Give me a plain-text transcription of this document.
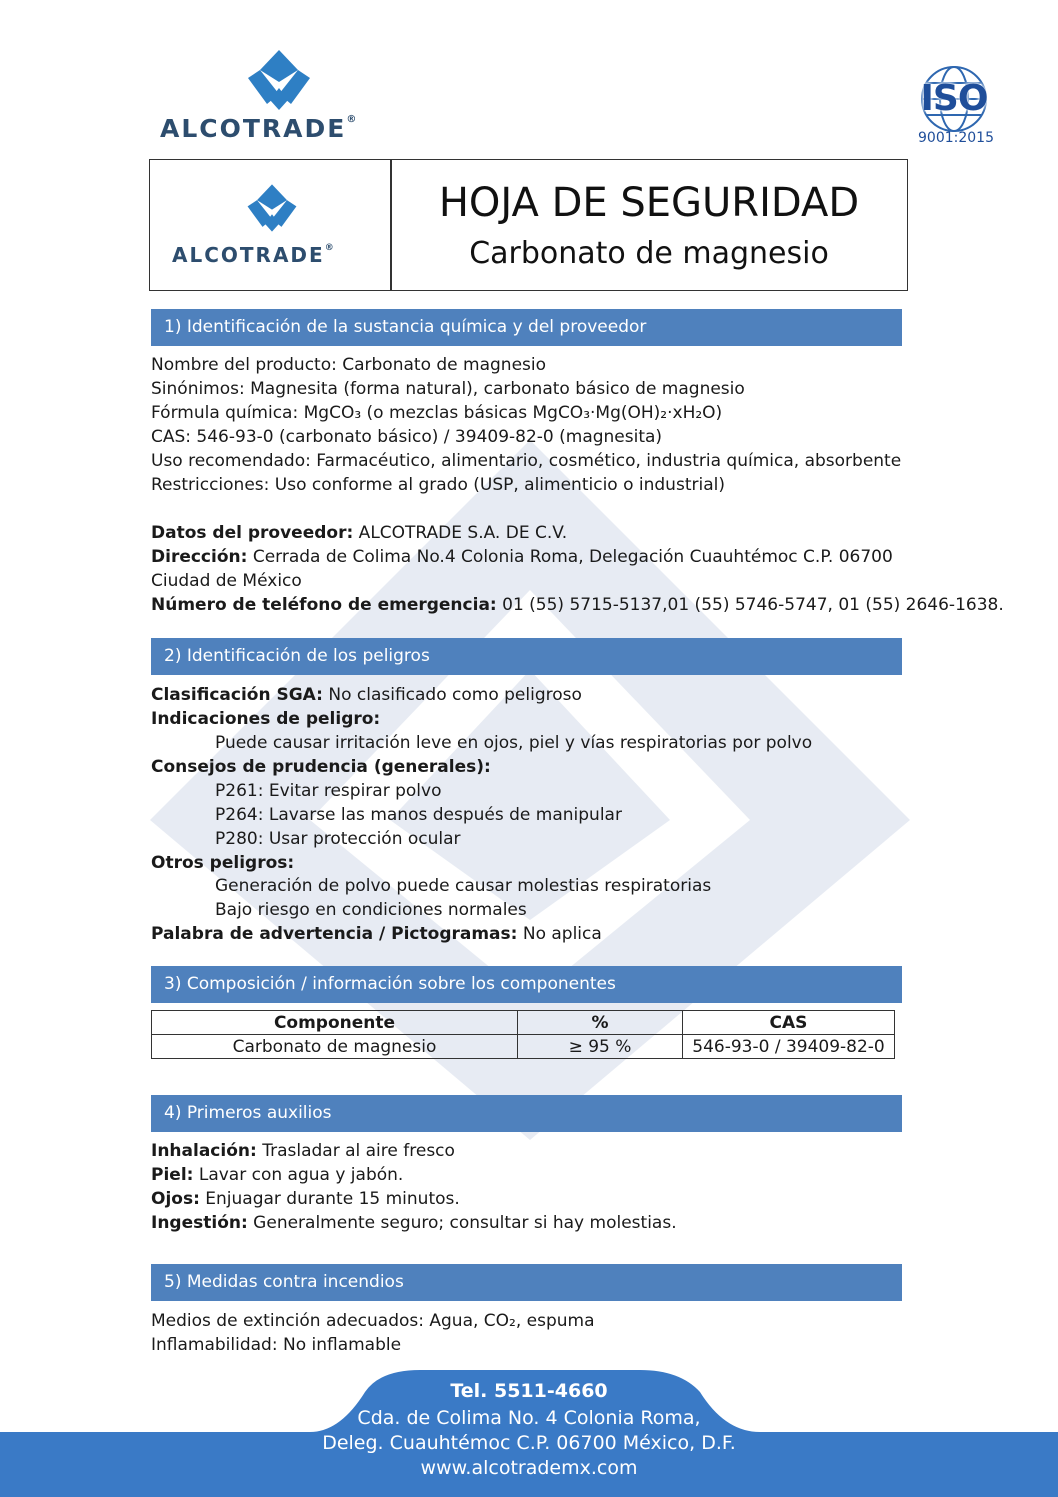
ALCOTRADE®
ISO
9001:2015
ALCOTRADE®
HOJA DE SEGURIDAD
Carbonato de magnesio
1) Identificación de la sustancia química y del proveedor
Nombre del producto: Carbonato de magnesio
Sinónimos: Magnesita (forma natural), carbonato básico de magnesio
Fórmula química: MgCO₃ (o mezclas básicas MgCO₃·Mg(OH)₂·xH₂O)
CAS: 546-93-0 (carbonato básico) / 39409-82-0 (magnesita)
Uso recomendado: Farmacéutico, alimentario, cosmético, industria química, absorbente
Restricciones: Uso conforme al grado (USP, alimenticio o industrial)
Datos del proveedor: ALCOTRADE S.A. DE C.V.
Dirección: Cerrada de Colima No.4 Colonia Roma, Delegación Cuauhtémoc C.P. 06700 Ciudad de México
Número de teléfono de emergencia: 01 (55) 5715-5137,01 (55) 5746-5747, 01 (55) 2646-1638.
2) Identificación de los peligros
Clasificación SGA: No clasificado como peligroso
Indicaciones de peligro:
Puede causar irritación leve en ojos, piel y vías respiratorias por polvo
Consejos de prudencia (generales):
P261: Evitar respirar polvo
P264: Lavarse las manos después de manipular
P280: Usar protección ocular
Otros peligros:
Generación de polvo puede causar molestias respiratorias
Bajo riesgo en condiciones normales
Palabra de advertencia / Pictogramas: No aplica
3) Composición / información sobre los componentes
Componente	%	CAS
Carbonato de magnesio	≥ 95 %	546-93-0 / 39409-82-0
4) Primeros auxilios
Inhalación: Trasladar al aire fresco
Piel: Lavar con agua y jabón.
Ojos: Enjuagar durante 15 minutos.
Ingestión: Generalmente seguro; consultar si hay molestias.
5) Medidas contra incendios
Medios de extinción adecuados: Agua, CO₂, espuma
Inflamabilidad: No inflamable
Tel. 5511-4660
Cda. de Colima No. 4 Colonia Roma,
Deleg. Cuauhtémoc C.P. 06700 México, D.F.
www.alcotrademx.com
